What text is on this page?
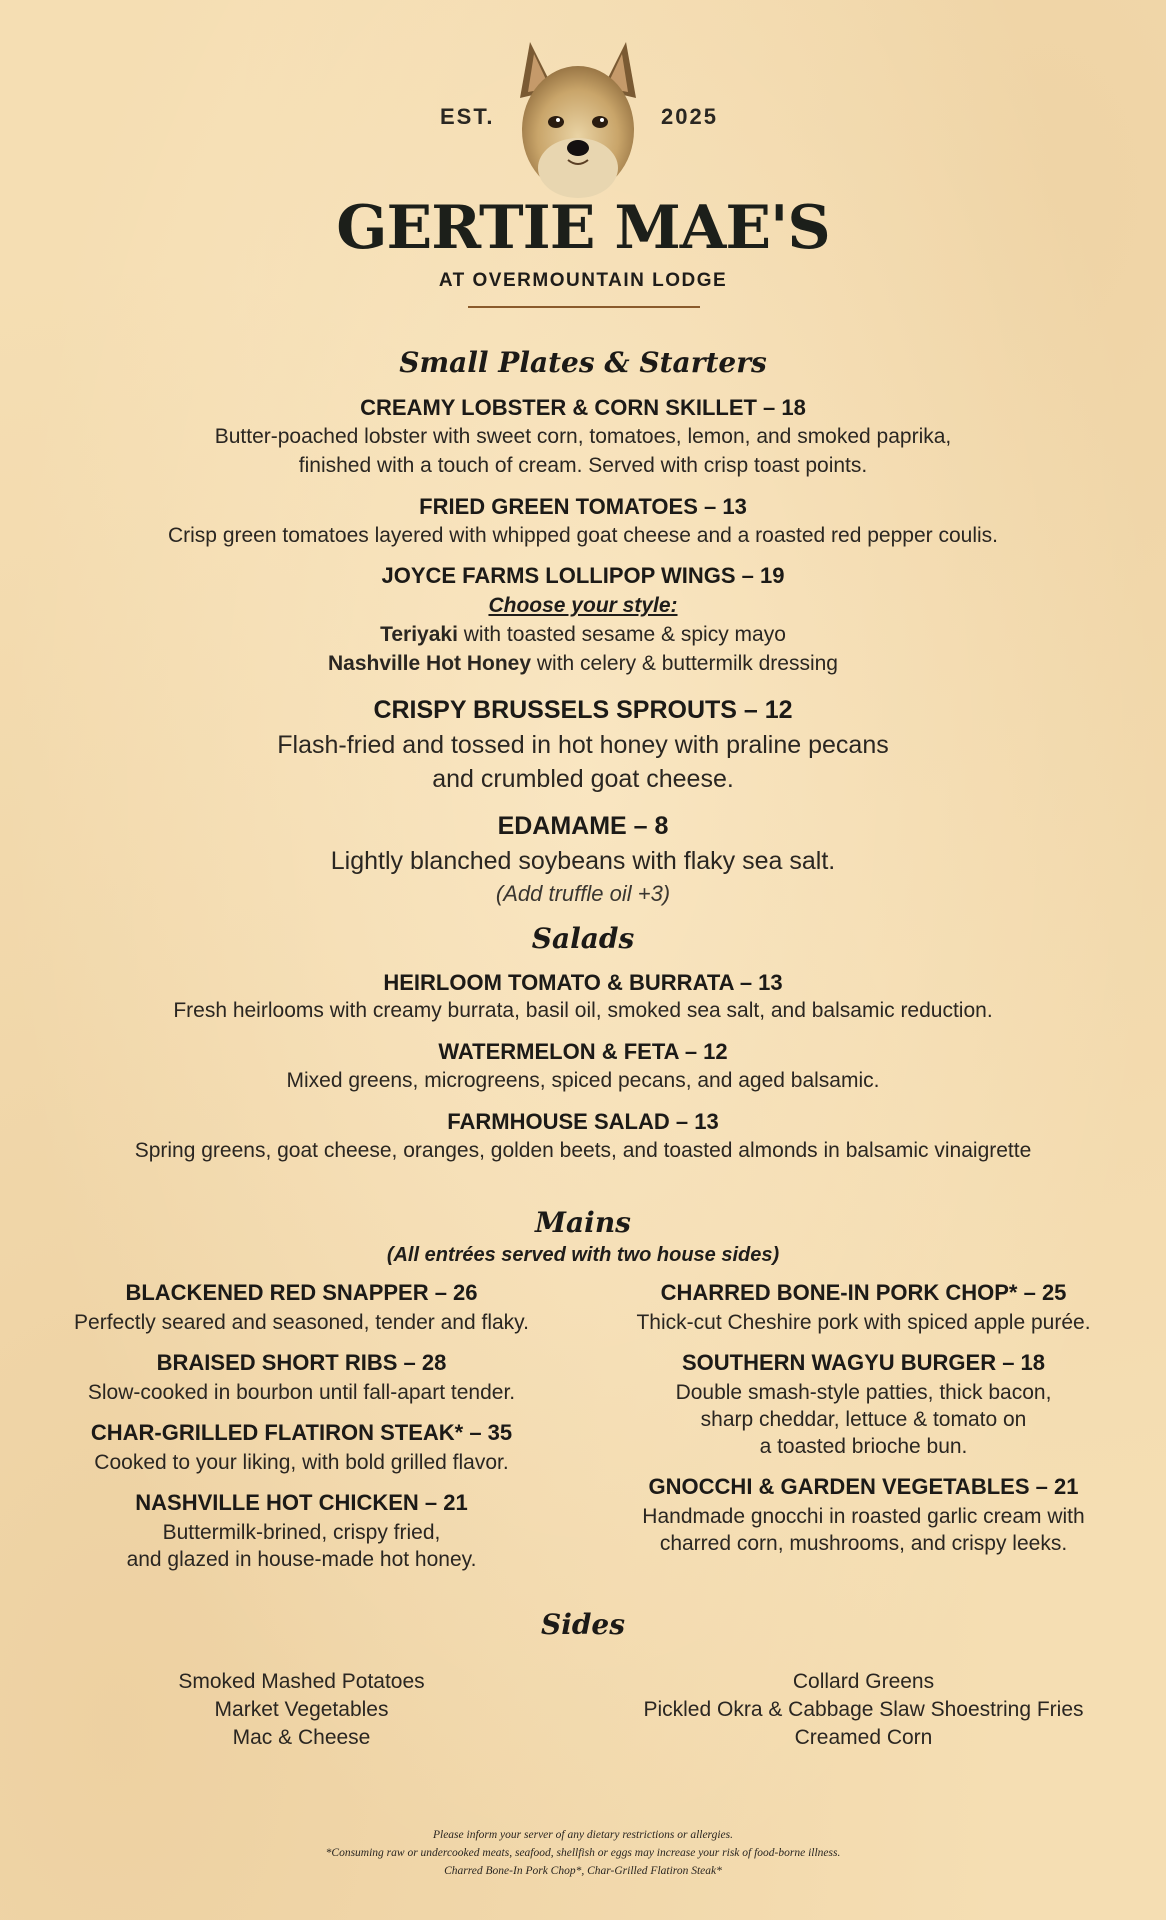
EST.	2025
GERTIE MAE'S
AT OVERMOUNTAIN LODGE
Small Plates & Starters
CREAMY LOBSTER & CORN SKILLET – 18
Butter-poached lobster with sweet corn, tomatoes, lemon, and smoked paprika,
finished with a touch of cream. Served with crisp toast points.
FRIED GREEN TOMATOES – 13
Crisp green tomatoes layered with whipped goat cheese and a roasted red pepper coulis.
JOYCE FARMS LOLLIPOP WINGS – 19
Choose your style:
Teriyaki with toasted sesame & spicy mayo
Nashville Hot Honey with celery & buttermilk dressing
CRISPY BRUSSELS SPROUTS – 12
Flash-fried and tossed in hot honey with praline pecans
and crumbled goat cheese.
EDAMAME – 8
Lightly blanched soybeans with flaky sea salt.
(Add truffle oil +3)
Salads
HEIRLOOM TOMATO & BURRATA – 13
Fresh heirlooms with creamy burrata, basil oil, smoked sea salt, and balsamic reduction.
WATERMELON & FETA – 12
Mixed greens, microgreens, spiced pecans, and aged balsamic.
FARMHOUSE SALAD – 13
Spring greens, goat cheese, oranges, golden beets, and toasted almonds in balsamic vinaigrette
Mains
(All entrées served with two house sides)
BLACKENED RED SNAPPER – 26
Perfectly seared and seasoned, tender and flaky.
BRAISED SHORT RIBS – 28
Slow-cooked in bourbon until fall-apart tender.
CHAR-GRILLED FLATIRON STEAK* – 35
Cooked to your liking, with bold grilled flavor.
NASHVILLE HOT CHICKEN – 21
Buttermilk-brined, crispy fried,
and glazed in house-made hot honey.
CHARRED BONE-IN PORK CHOP* – 25
Thick-cut Cheshire pork with spiced apple purée.
SOUTHERN WAGYU BURGER – 18
Double smash-style patties, thick bacon,
sharp cheddar, lettuce & tomato on
a toasted brioche bun.
GNOCCHI & GARDEN VEGETABLES – 21
Handmade gnocchi in roasted garlic cream with
charred corn, mushrooms, and crispy leeks.
Sides
Smoked Mashed Potatoes
Market Vegetables
Mac & Cheese
Collard Greens
Pickled Okra & Cabbage Slaw Shoestring Fries
Creamed Corn
Please inform your server of any dietary restrictions or allergies.
*Consuming raw or undercooked meats, seafood, shellfish or eggs may increase your risk of food-borne illness.
Charred Bone-In Pork Chop*, Char-Grilled Flatiron Steak*
